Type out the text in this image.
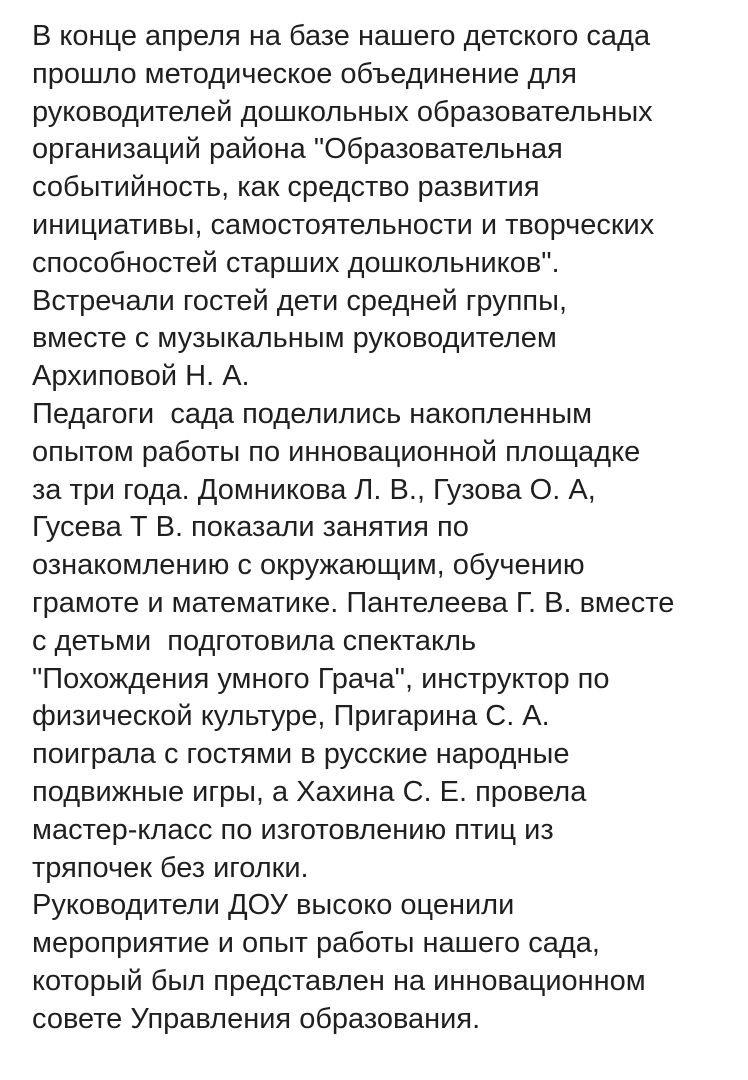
В конце апреля на базе нашего детского сада
прошло методическое объединение для
руководителей дошкольных образовательных
организаций района "Образовательная
событийность, как средство развития
инициативы, самостоятельности и творческих
способностей старших дошкольников".
Встречали гостей дети средней группы,
вместе с музыкальным руководителем
Архиповой Н. А.
Педагоги  сада поделились накопленным
опытом работы по инновационной площадке
за три года. Домникова Л. В., Гузова О. А,
Гусева Т В. показали занятия по
ознакомлению с окружающим, обучению
грамоте и математике. Пантелеева Г. В. вместе
с детьми  подготовила спектакль
"Похождения умного Грача", инструктор по
физической культуре, Пригарина С. А.
поиграла с гостями в русские народные
подвижные игры, а Хахина С. Е. провела
мастер-класс по изготовлению птиц из
тряпочек без иголки.
Руководители ДОУ высоко оценили
мероприятие и опыт работы нашего сада,
который был представлен на инновационном
совете Управления образования.
